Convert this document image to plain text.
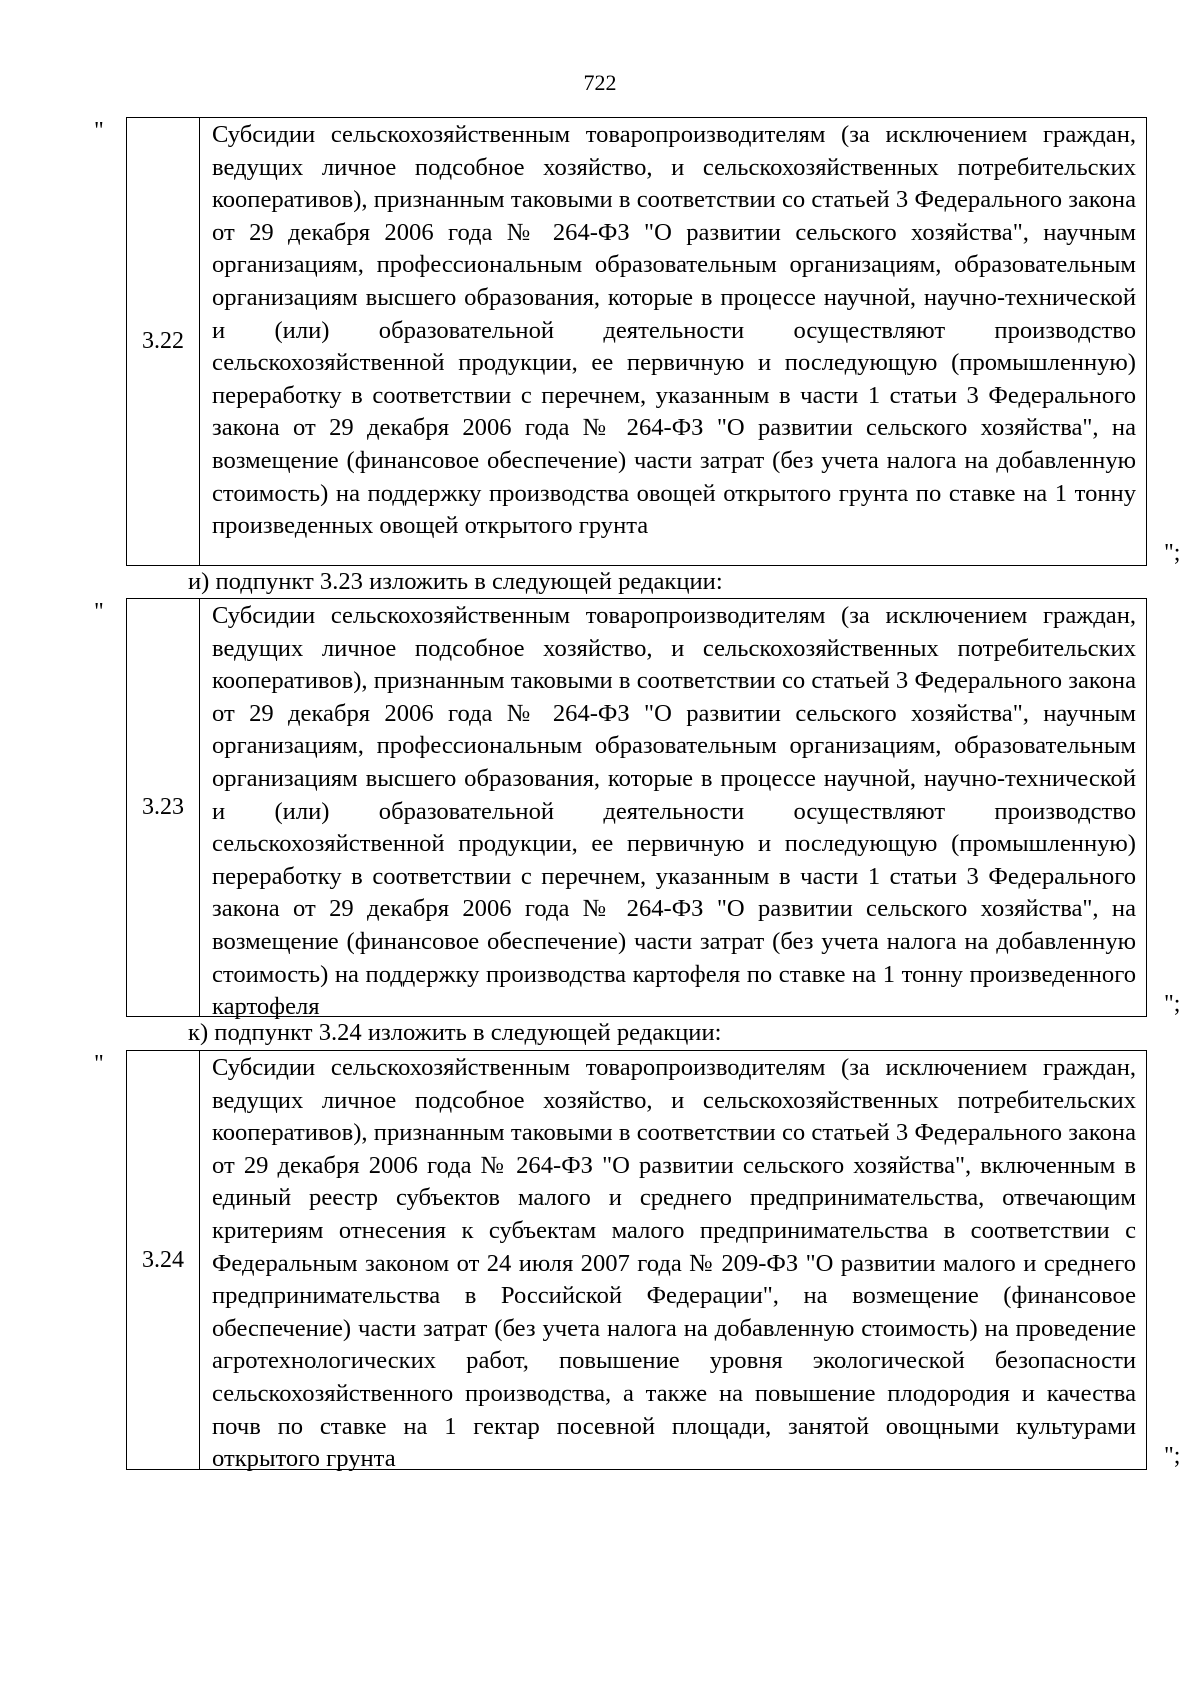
722
"
3.22
Субсидии сельскохозяйственным товаропроизводителям (за исключением граждан, ведущих личное подсобное хозяйство, и сельскохозяйственных потребительских кооперативов), признанным таковыми в соответствии со статьей 3 Федерального закона от 29 декабря 2006 года № 264-ФЗ "О развитии сельского хозяйства", научным организациям, профессиональным образовательным организациям, образовательным организациям высшего образования, которые в процессе научной, научно-технической и (или) образовательной деятельности осуществляют производство сельскохозяйственной продукции, ее первичную и последующую (промышленную) переработку в соответствии с перечнем, указанным в части 1 статьи 3 Федерального закона от 29 декабря 2006 года № 264-ФЗ "О развитии сельского хозяйства", на возмещение (финансовое обеспечение) части затрат (без учета налога на добавленную стоимость) на поддержку производства овощей открытого грунта по ставке на 1 тонну произведенных овощей открытого грунта
";
и) подпункт 3.23 изложить в следующей редакции:
"
3.23
Субсидии сельскохозяйственным товаропроизводителям (за исключением граждан, ведущих личное подсобное хозяйство, и сельскохозяйственных потребительских кооперативов), признанным таковыми в соответствии со статьей 3 Федерального закона от 29 декабря 2006 года № 264-ФЗ "О развитии сельского хозяйства", научным организациям, профессиональным образовательным организациям, образовательным организациям высшего образования, которые в процессе научной, научно-технической и (или) образовательной деятельности осуществляют производство сельскохозяйственной продукции, ее первичную и последующую (промышленную) переработку в соответствии с перечнем, указанным в части 1 статьи 3 Федерального закона от 29 декабря 2006 года № 264-ФЗ "О развитии сельского хозяйства", на возмещение (финансовое обеспечение) части затрат (без учета налога на добавленную стоимость) на поддержку производства картофеля по ставке на 1 тонну произведенного картофеля	";
к) подпункт 3.24 изложить в следующей редакции:
"
3.24
Субсидии сельскохозяйственным товаропроизводителям (за исключением граждан, ведущих личное подсобное хозяйство, и сельскохозяйственных потребительских кооперативов), признанным таковыми в соответствии со статьей 3 Федерального закона от 29 декабря 2006 года № 264-ФЗ "О развитии сельского хозяйства", включенным в единый реестр субъектов малого и среднего предпринимательства, отвечающим критериям отнесения к субъектам малого предпринимательства в соответствии с Федеральным законом от 24 июля 2007 года № 209-ФЗ "О развитии малого и среднего предпринимательства в Российской Федерации", на возмещение (финансовое обеспечение) части затрат (без учета налога на добавленную стоимость) на проведение агротехнологических работ, повышение уровня экологической безопасности сельскохозяйственного производства, а также на повышение плодородия и качества почв по ставке на 1 гектар посевной площади, занятой овощными культурами открытого грунта	";
